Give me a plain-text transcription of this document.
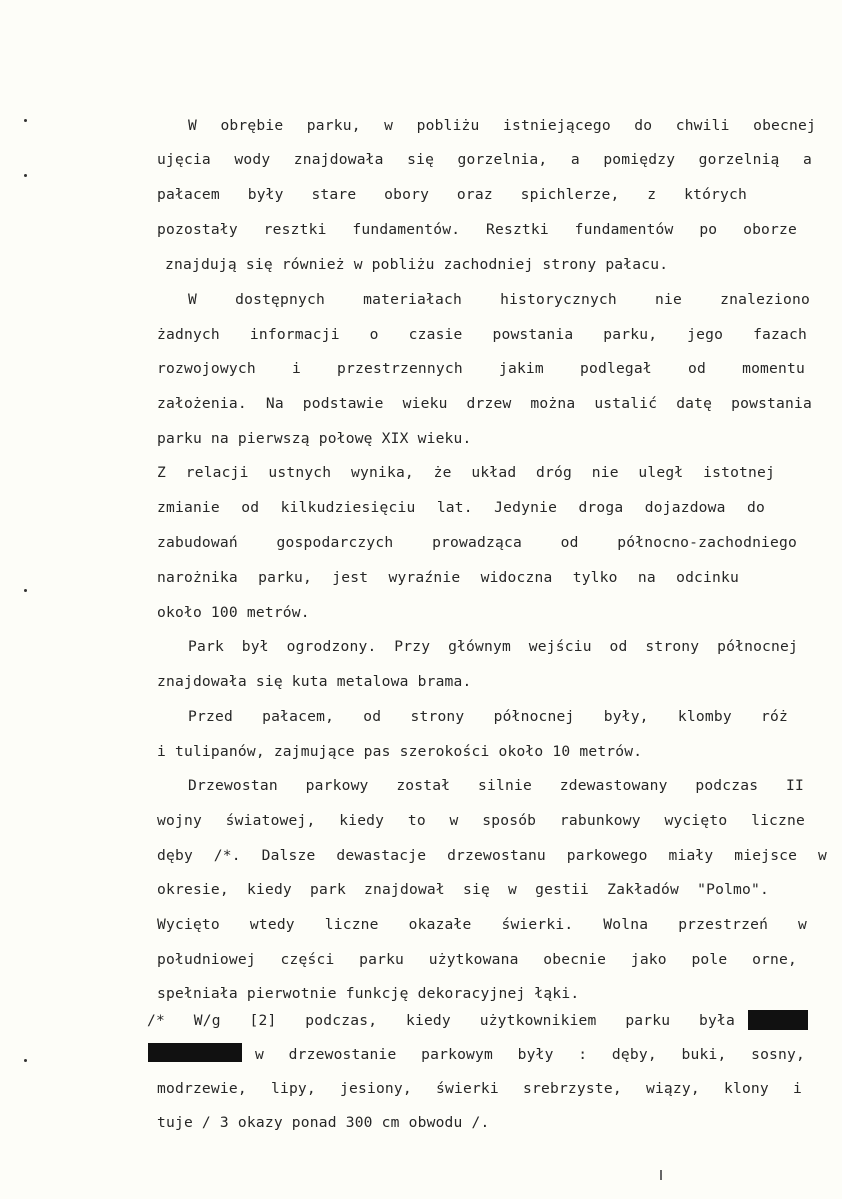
W obrębie parku, w pobliżu istniejącego do chwili obecnej
ujęcia wody znajdowała się gorzelnia, a pomiędzy gorzelnią a
pałacem były stare obory oraz spichlerze, z których
pozostały resztki fundamentów. Resztki fundamentów po oborze
znajdują się również w pobliżu zachodniej strony pałacu.
W dostępnych materiałach historycznych nie znaleziono
żadnych informacji o czasie powstania parku, jego fazach
rozwojowych i przestrzennych jakim podlegał od momentu
założenia. Na podstawie wieku drzew można ustalić datę powstania
parku na pierwszą połowę XIX wieku.
Z relacji ustnych wynika, że układ dróg nie uległ istotnej
zmianie od kilkudziesięciu lat. Jedynie droga dojazdowa do
zabudowań gospodarczych prowadząca od północno-zachodniego
narożnika parku, jest wyraźnie widoczna tylko na odcinku
około 100 metrów.
Park był ogrodzony. Przy głównym wejściu od strony północnej
znajdowała się kuta metalowa brama.
Przed pałacem, od strony północnej były, klomby róż
i tulipanów, zajmujące pas szerokości około 10 metrów.
Drzewostan parkowy został silnie zdewastowany podczas II
wojny światowej, kiedy to w sposób rabunkowy wycięto liczne
dęby /*. Dalsze dewastacje drzewostanu parkowego miały miejsce w
okresie, kiedy park znajdował się w gestii Zakładów "Polmo".
Wycięto wtedy liczne okazałe świerki. Wolna przestrzeń w
południowej części parku użytkowana obecnie jako pole orne,
spełniała pierwotnie funkcję dekoracyjnej łąki.
/* W/g [2] podczas, kiedy użytkownikiem parku była
w drzewostanie parkowym były : dęby, buki, sosny,
modrzewie, lipy, jesiony, świerki srebrzyste, wiązy, klony i
tuje / 3 okazy ponad 300 cm obwodu /.
